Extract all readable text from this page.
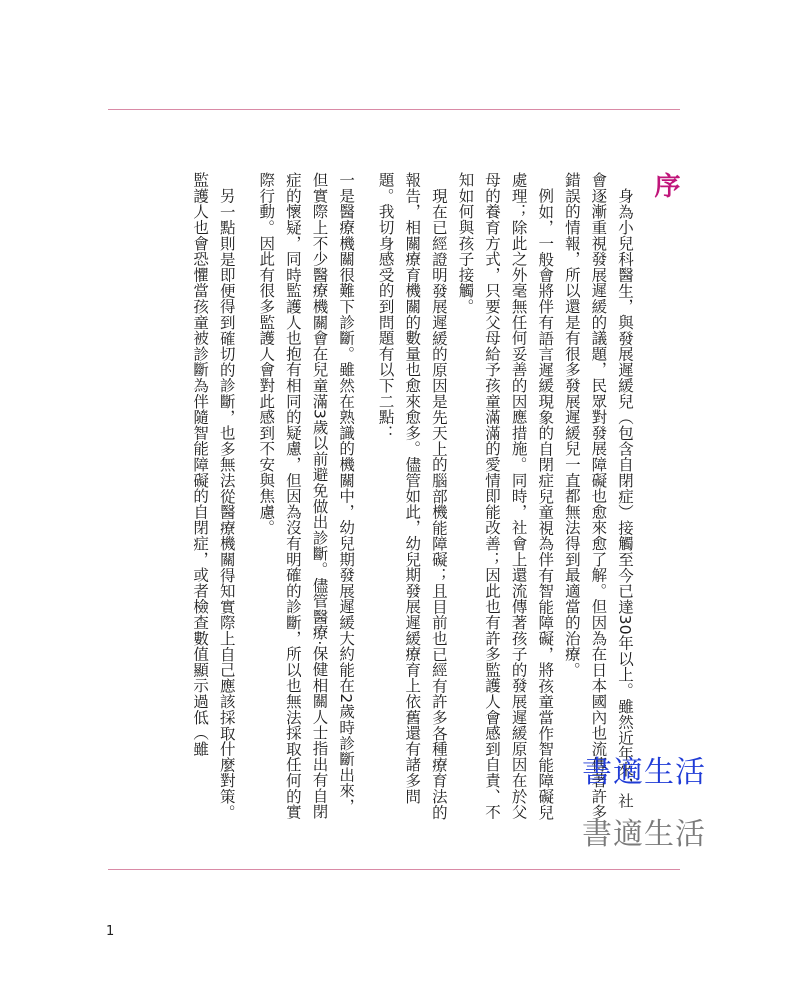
序

身為小兒科醫生，與發展遲緩兒（包含自閉症）接觸至今已達30年以上。雖然近年來，社會逐漸重視發展遲緩的議題，民眾對發展障礙也愈來愈了解。但因為在日本國內也流傳著許多錯誤的情報，所以還是有很多發展遲緩兒一直都無法得到最適當的治療。

例如，一般會將伴有語言遲緩現象的自閉症兒童視為伴有智能障礙，將孩童當作智能障礙兒處理；除此之外毫無任何妥善的因應措施。同時，社會上還流傳著孩子的發展遲緩原因在於父母的養育方式，只要父母給予孩童滿滿的愛情即能改善；因此也有許多監護人會感到自責、不知如何與孩子接觸。

現在已經證明發展遲緩的原因是先天上的腦部機能障礙；且目前也已經有許多各種療育法的報告，相關療育機關的數量也愈來愈多。儘管如此，幼兒期發展遲緩療育上依舊還有諸多問題。我切身感受的到問題有以下二點：

一是醫療機關很難下診斷。雖然在熟識的機關中，幼兒期發展遲緩大約能在2歲時診斷出來，但實際上不少醫療機關會在兒童滿3歲以前避免做出診斷。儘管醫療‧保健相關人士指出有自閉症的懷疑，同時監護人也抱有相同的疑慮，但因為沒有明確的診斷，所以也無法採取任何的實際行動。因此有很多監護人會對此感到不安與焦慮。

另一點則是即便得到確切的診斷，也多無法從醫療機關得知實際上自己應該採取什麼對策。監護人也會恐懼當孩童被診斷為伴隨智能障礙的自閉症，或者檢查數值顯示過低（雖

書適生活
書適生活
1
